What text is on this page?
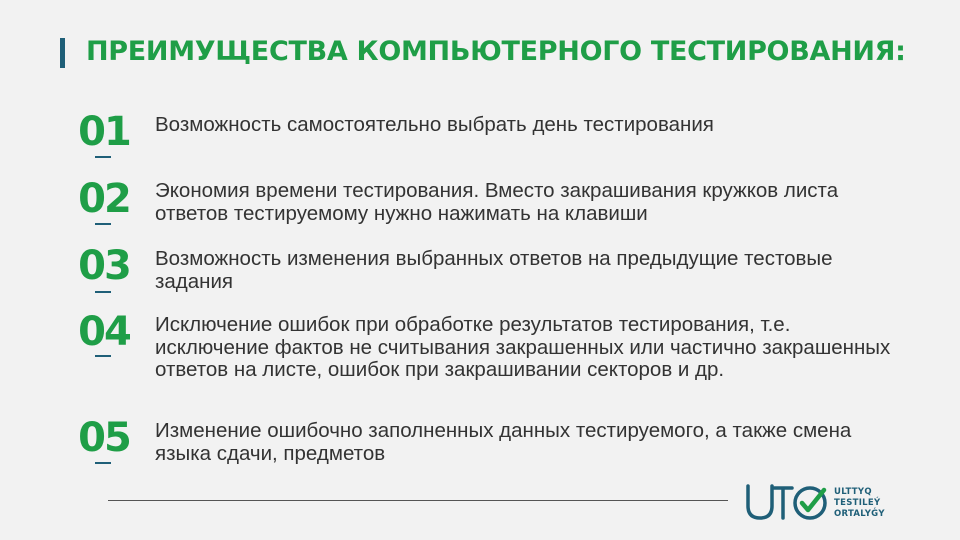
ПРЕИМУЩЕСТВА КОМПЬЮТЕРНОГО ТЕСТИРОВАНИЯ:
01 Возможность самостоятельно выбрать день тестирования
02 Экономия времени тестирования. Вместо закрашивания кружков листа ответов тестируемому нужно нажимать на клавиши
03 Возможность изменения выбранных ответов на предыдущие тестовые задания
04 Исключение ошибок при обработке результатов тестирования, т.е. исключение фактов не считывания закрашенных или частично закрашенных ответов на листе, ошибок при закрашивании секторов и др.
05 Изменение ошибочно заполненных данных тестируемого, а также смена языка сдачи, предметов
ULTTYQ
TESTILEÝ
ORTALYǴY
